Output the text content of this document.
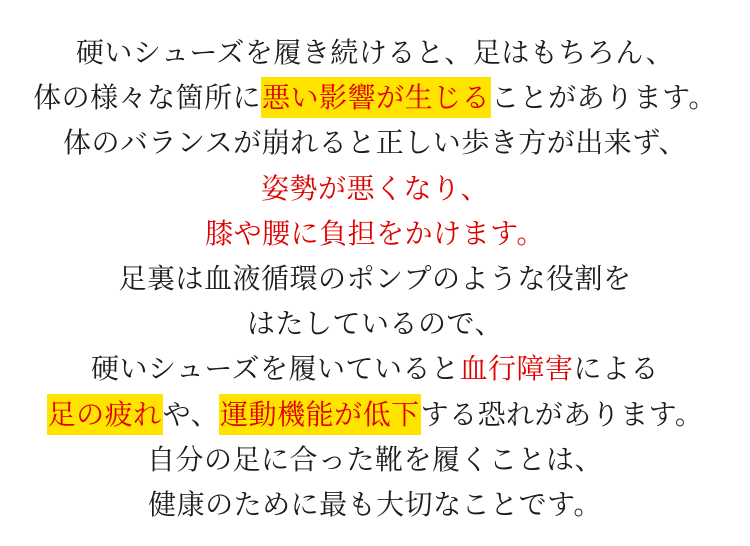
硬いシューズを履き続けると、足はもちろん、
体の様々な箇所に悪い影響が生じることがあります。
体のバランスが崩れると正しい歩き方が出来ず、
姿勢が悪くなり、
膝や腰に負担をかけます。
足裏は血液循環のポンプのような役割を
はたしているので、
硬いシューズを履いていると血行障害による
足の疲れや、運動機能が低下する恐れがあります。
自分の足に合った靴を履くことは、
健康のために最も大切なことです。
